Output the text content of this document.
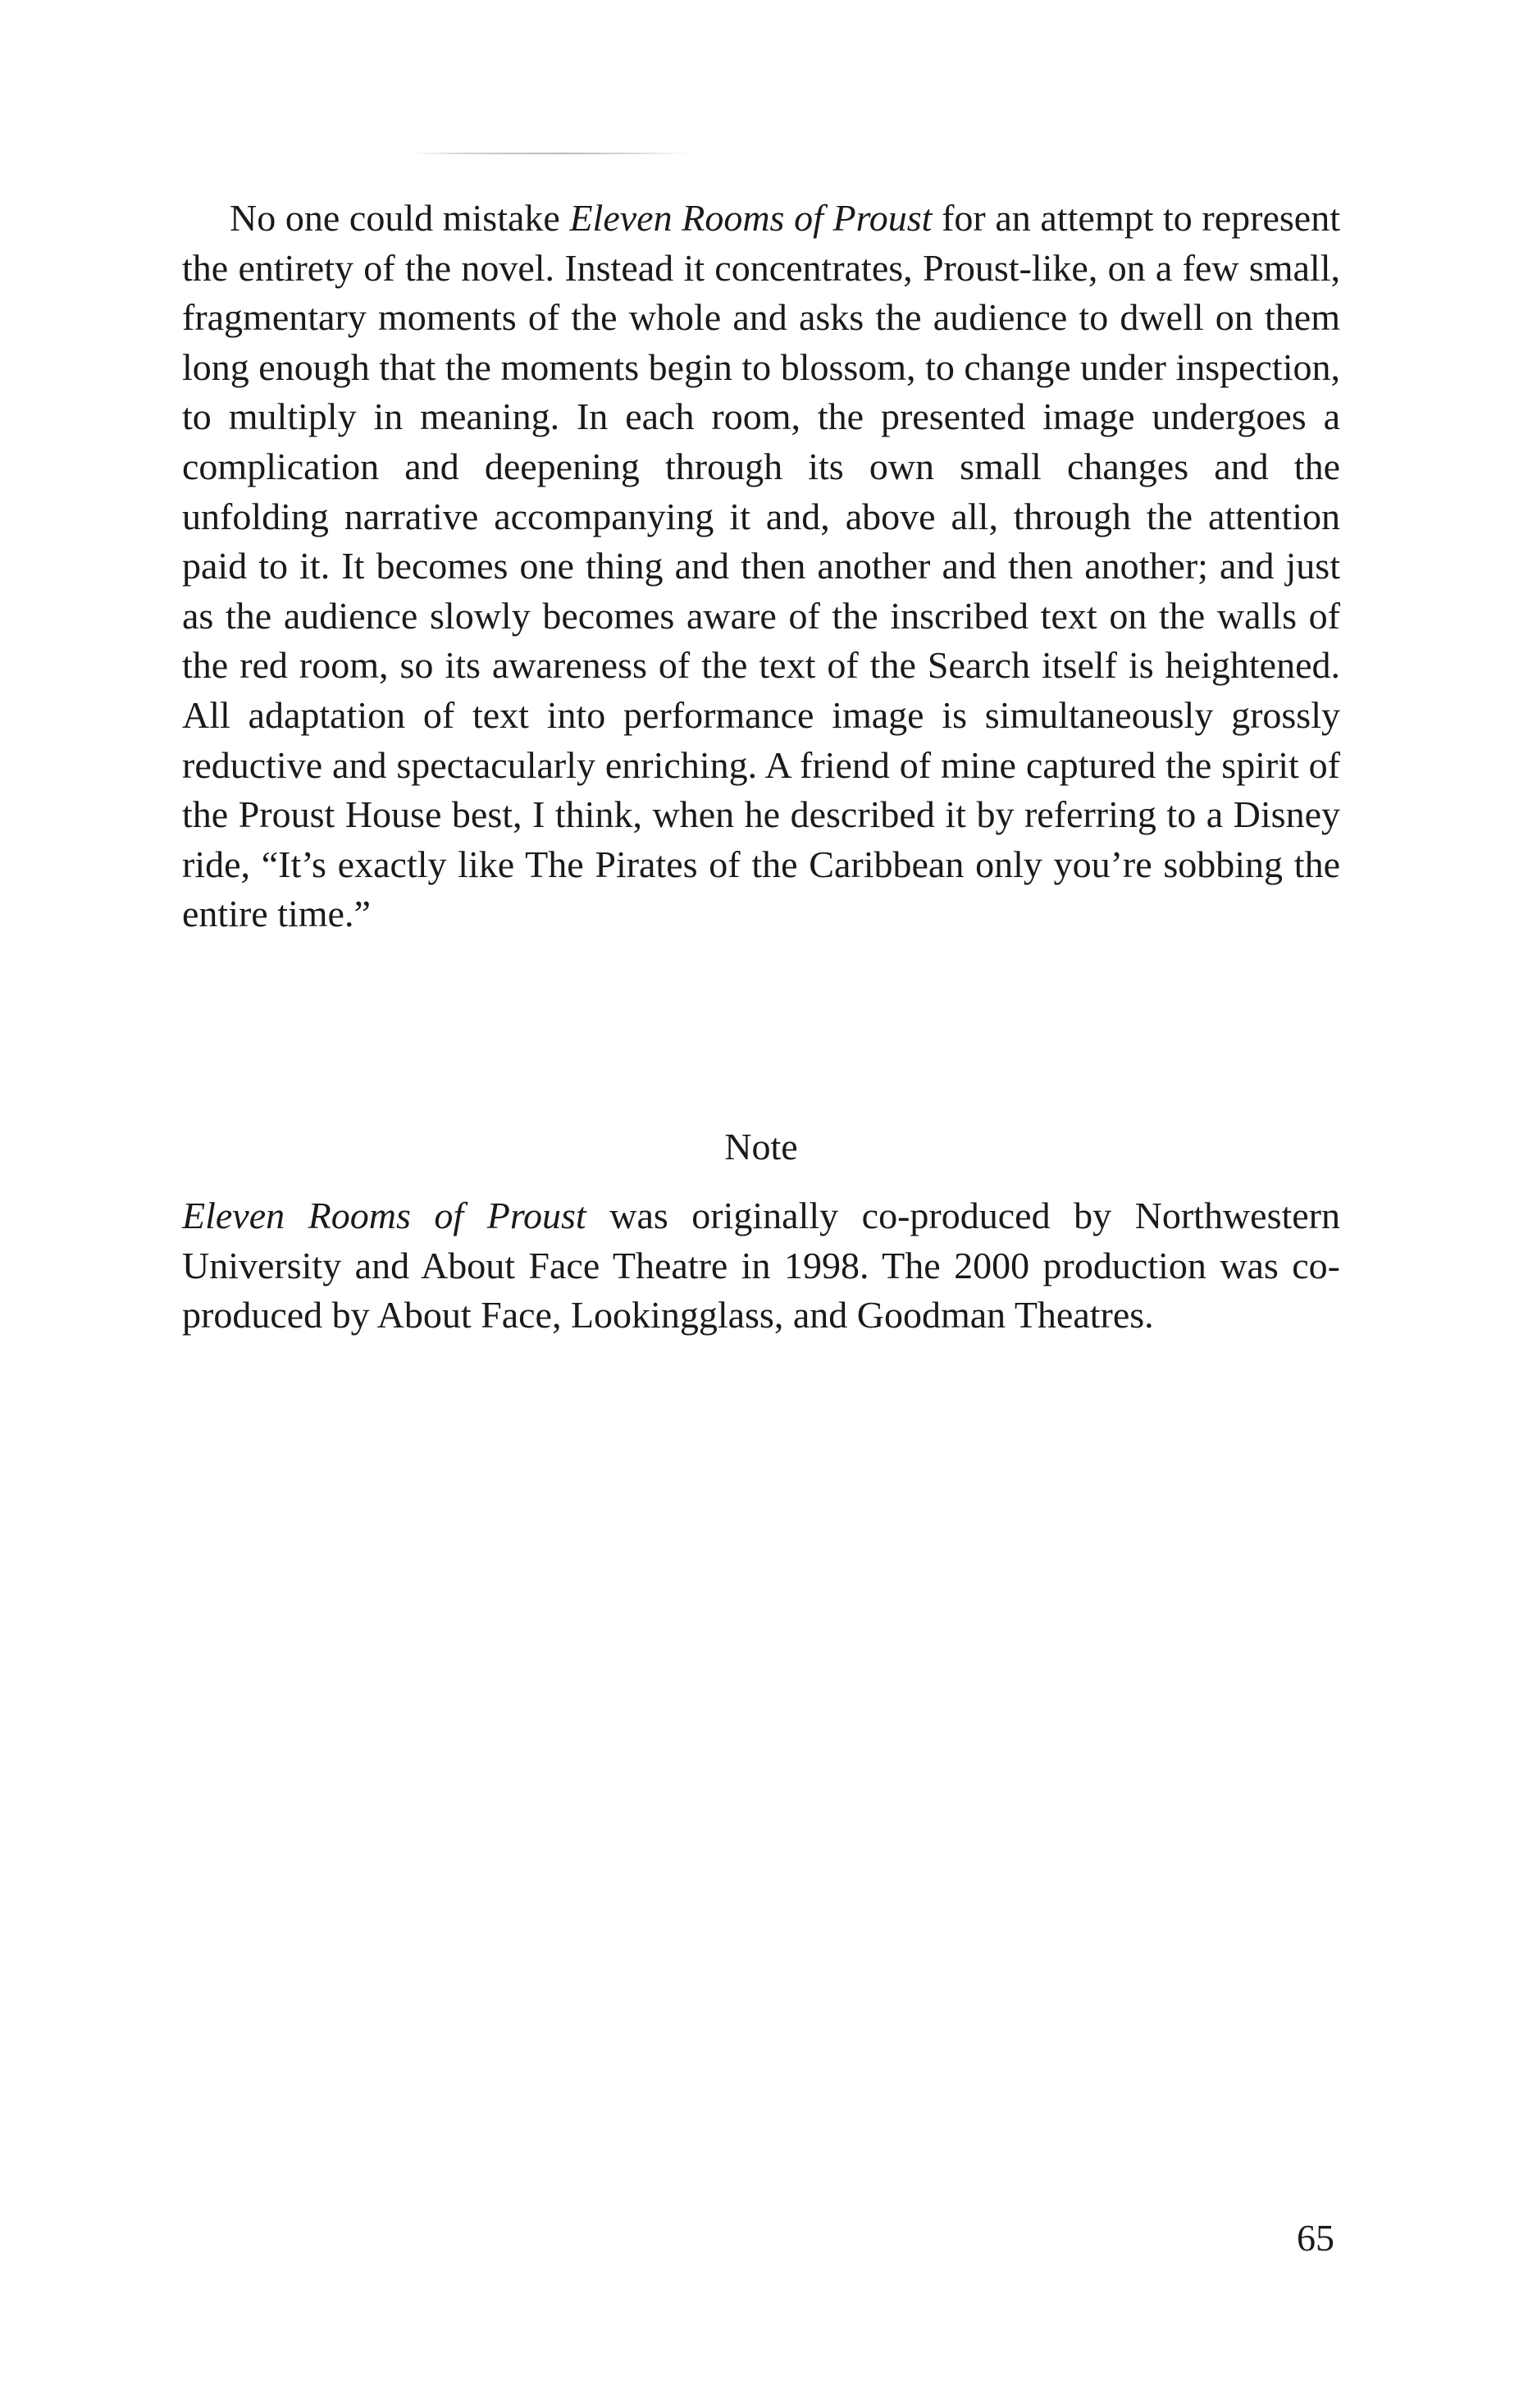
No one could mistake Eleven Rooms of Proust for an attempt to represent the entirety of the novel. Instead it concentrates, Proust-like, on a few small, fragmentary moments of the whole and asks the audience to dwell on them long enough that the moments begin to blossom, to change under inspection, to multiply in meaning. In each room, the presented image undergoes a complication and deepening through its own small changes and the unfolding narrative accompanying it and, above all, through the attention paid to it. It becomes one thing and then another and then another; and just as the audience slowly becomes aware of the inscribed text on the walls of the red room, so its awareness of the text of the Search itself is heightened. All adaptation of text into performance image is simultaneously grossly reductive and spectacularly enriching. A friend of mine captured the spirit of the Proust House best, I think, when he described it by referring to a Disney ride, “It’s exactly like The Pirates of the Caribbean only you’re sobbing the entire time.”

Note

Eleven Rooms of Proust was originally co-produced by Northwestern University and About Face Theatre in 1998. The 2000 production was co-produced by About Face, Lookingglass, and Goodman Theatres.

65
